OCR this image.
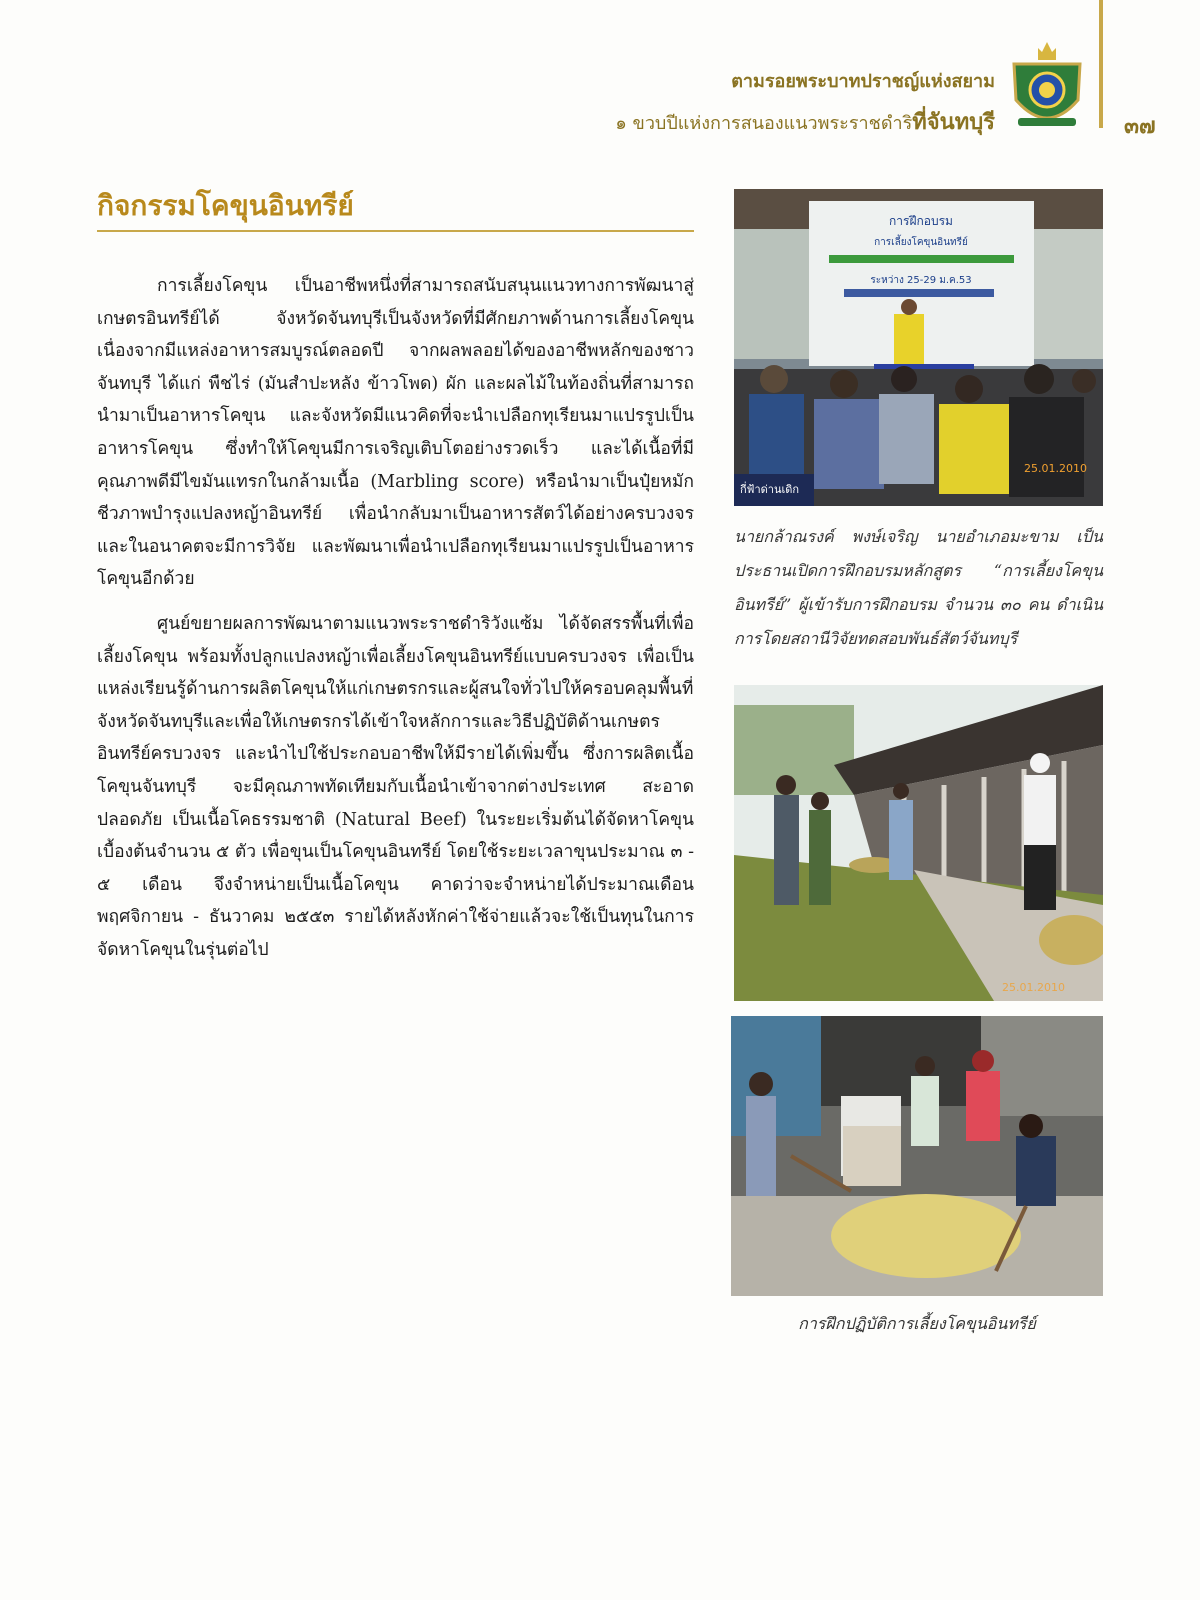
ตามรอยพระบาทปราชญ์แห่งสยาม
๑ ขวบปีแห่งการสนองแนวพระราชดำริที่จันทบุรี	๓๗
กิจกรรมโคขุนอินทรีย์

การเลี้ยงโคขุน เป็นอาชีพหนึ่งที่สามารถสนับสนุนแนวทางการพัฒนาสู่เกษตรอินทรีย์ได้ จังหวัดจันทบุรีเป็นจังหวัดที่มีศักยภาพด้านการเลี้ยงโคขุน เนื่องจากมีแหล่งอาหารสมบูรณ์ตลอดปี จากผลพลอยได้ของอาชีพหลักของชาวจันทบุรี ได้แก่ พืชไร่ (มันสำปะหลัง ข้าวโพด) ผัก และผลไม้ในท้องถิ่นที่สามารถนำมาเป็นอาหารโคขุน และจังหวัดมีแนวคิดที่จะนำเปลือกทุเรียนมาแปรรูปเป็นอาหารโคขุน ซึ่งทำให้โคขุนมีการเจริญเติบโตอย่างรวดเร็ว และได้เนื้อที่มีคุณภาพดีมีไขมันแทรกในกล้ามเนื้อ (Marbling score) หรือนำมาเป็นปุ๋ยหมักชีวภาพบำรุงแปลงหญ้าอินทรีย์ เพื่อนำกลับมาเป็นอาหารสัตว์ได้อย่างครบวงจร และในอนาคตจะมีการวิจัย และพัฒนาเพื่อนำเปลือกทุเรียนมาแปรรูปเป็นอาหารโคขุนอีกด้วย

ศูนย์ขยายผลการพัฒนาตามแนวพระราชดำริวังแซ้ม ได้จัดสรรพื้นที่เพื่อเลี้ยงโคขุน พร้อมทั้งปลูกแปลงหญ้าเพื่อเลี้ยงโคขุนอินทรีย์แบบครบวงจร เพื่อเป็นแหล่งเรียนรู้ด้านการผลิตโคขุนให้แก่เกษตรกรและผู้สนใจทั่วไปให้ครอบคลุมพื้นที่จังหวัดจันทบุรีและเพื่อให้เกษตรกรได้เข้าใจหลักการและวิธีปฏิบัติด้านเกษตรอินทรีย์ครบวงจร และนำไปใช้ประกอบอาชีพให้มีรายได้เพิ่มขึ้น ซึ่งการผลิตเนื้อโคขุนจันทบุรี จะมีคุณภาพทัดเทียมกับเนื้อนำเข้าจากต่างประเทศ สะอาด ปลอดภัย เป็นเนื้อโคธรรมชาติ (Natural Beef) ในระยะเริ่มต้นได้จัดหาโคขุนเบื้องต้นจำนวน ๕ ตัว เพื่อขุนเป็นโคขุนอินทรีย์ โดยใช้ระยะเวลาขุนประมาณ ๓ - ๕ เดือน จึงจำหน่ายเป็นเนื้อโคขุน คาดว่าจะจำหน่ายได้ประมาณเดือน พฤศจิกายน - ธันวาคม ๒๕๕๓ รายได้หลังหักค่าใช้จ่ายแล้วจะใช้เป็นทุนในการจัดหาโคขุนในรุ่นต่อไป

การฝึกอบรม
การเลี้ยงโคขุนอินทรีย์
ระหว่าง 25-29 ม.ค.53
กี่ฟ้าด่านเดิก
25.01.2010
นายกล้าณรงค์ พงษ์เจริญ นายอำเภอมะขาม เป็นประธานเปิดการฝึกอบรมหลักสูตร “การเลี้ยงโคขุนอินทรีย์” ผู้เข้ารับการฝึกอบรม จำนวน ๓๐ คน ดำเนินการโดยสถานีวิจัยทดสอบพันธ์สัตว์จันทบุรี
25.01.2010
การฝึกปฏิบัติการเลี้ยงโคขุนอินทรีย์
